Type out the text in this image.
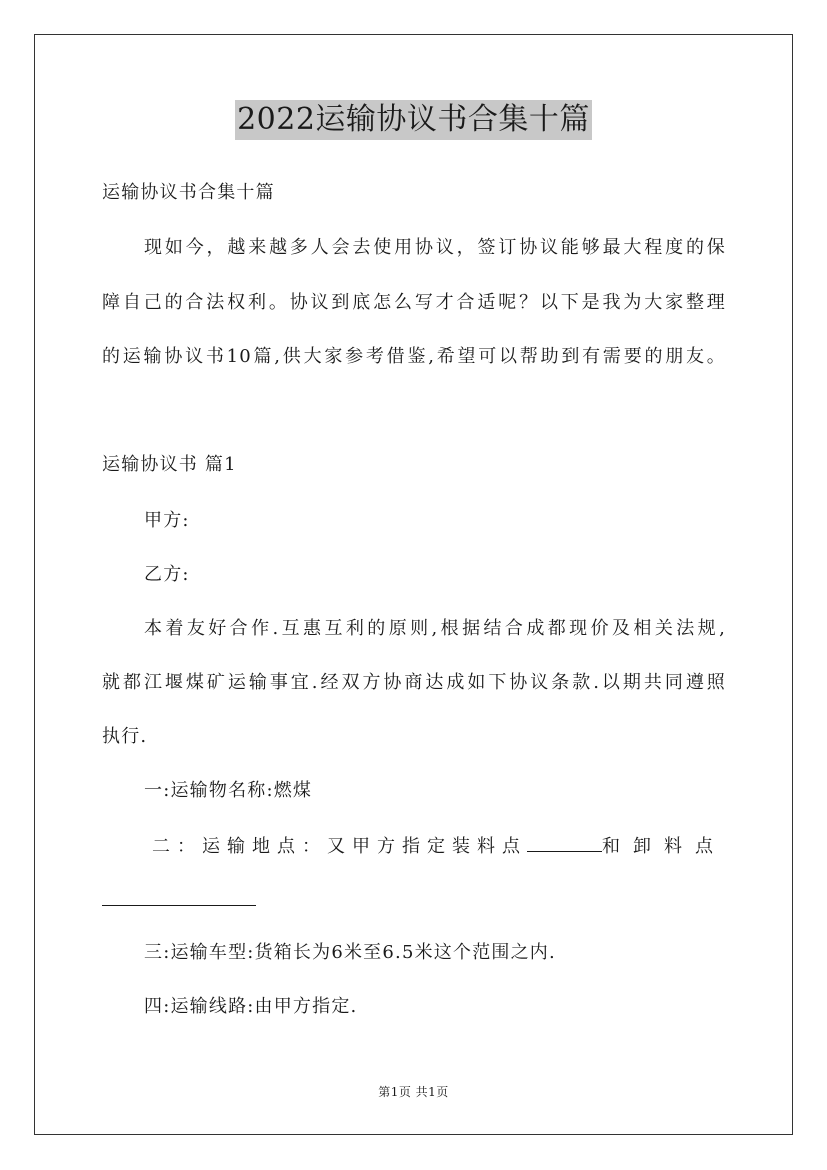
2022运输协议书合集十篇
运输协议书合集十篇
现如今，越来越多人会去使用协议，签订协议能够最大程度的保
障自己的合法权利。协议到底怎么写才合适呢？以下是我为大家整理
的运输协议书10篇,供大家参考借鉴,希望可以帮助到有需要的朋友。
运输协议书 篇1
甲方:
乙方:
本着友好合作.互惠互利的原则,根据结合成都现价及相关法规,
就都江堰煤矿运输事宜.经双方协商达成如下协议条款.以期共同遵照
执行.
一:运输物名称:燃煤
二：运输地点：又甲方指定装料点	和卸料点
三:运输车型:货箱长为6米至6.5米这个范围之内.
四:运输线路:由甲方指定.
第1页 共1页
